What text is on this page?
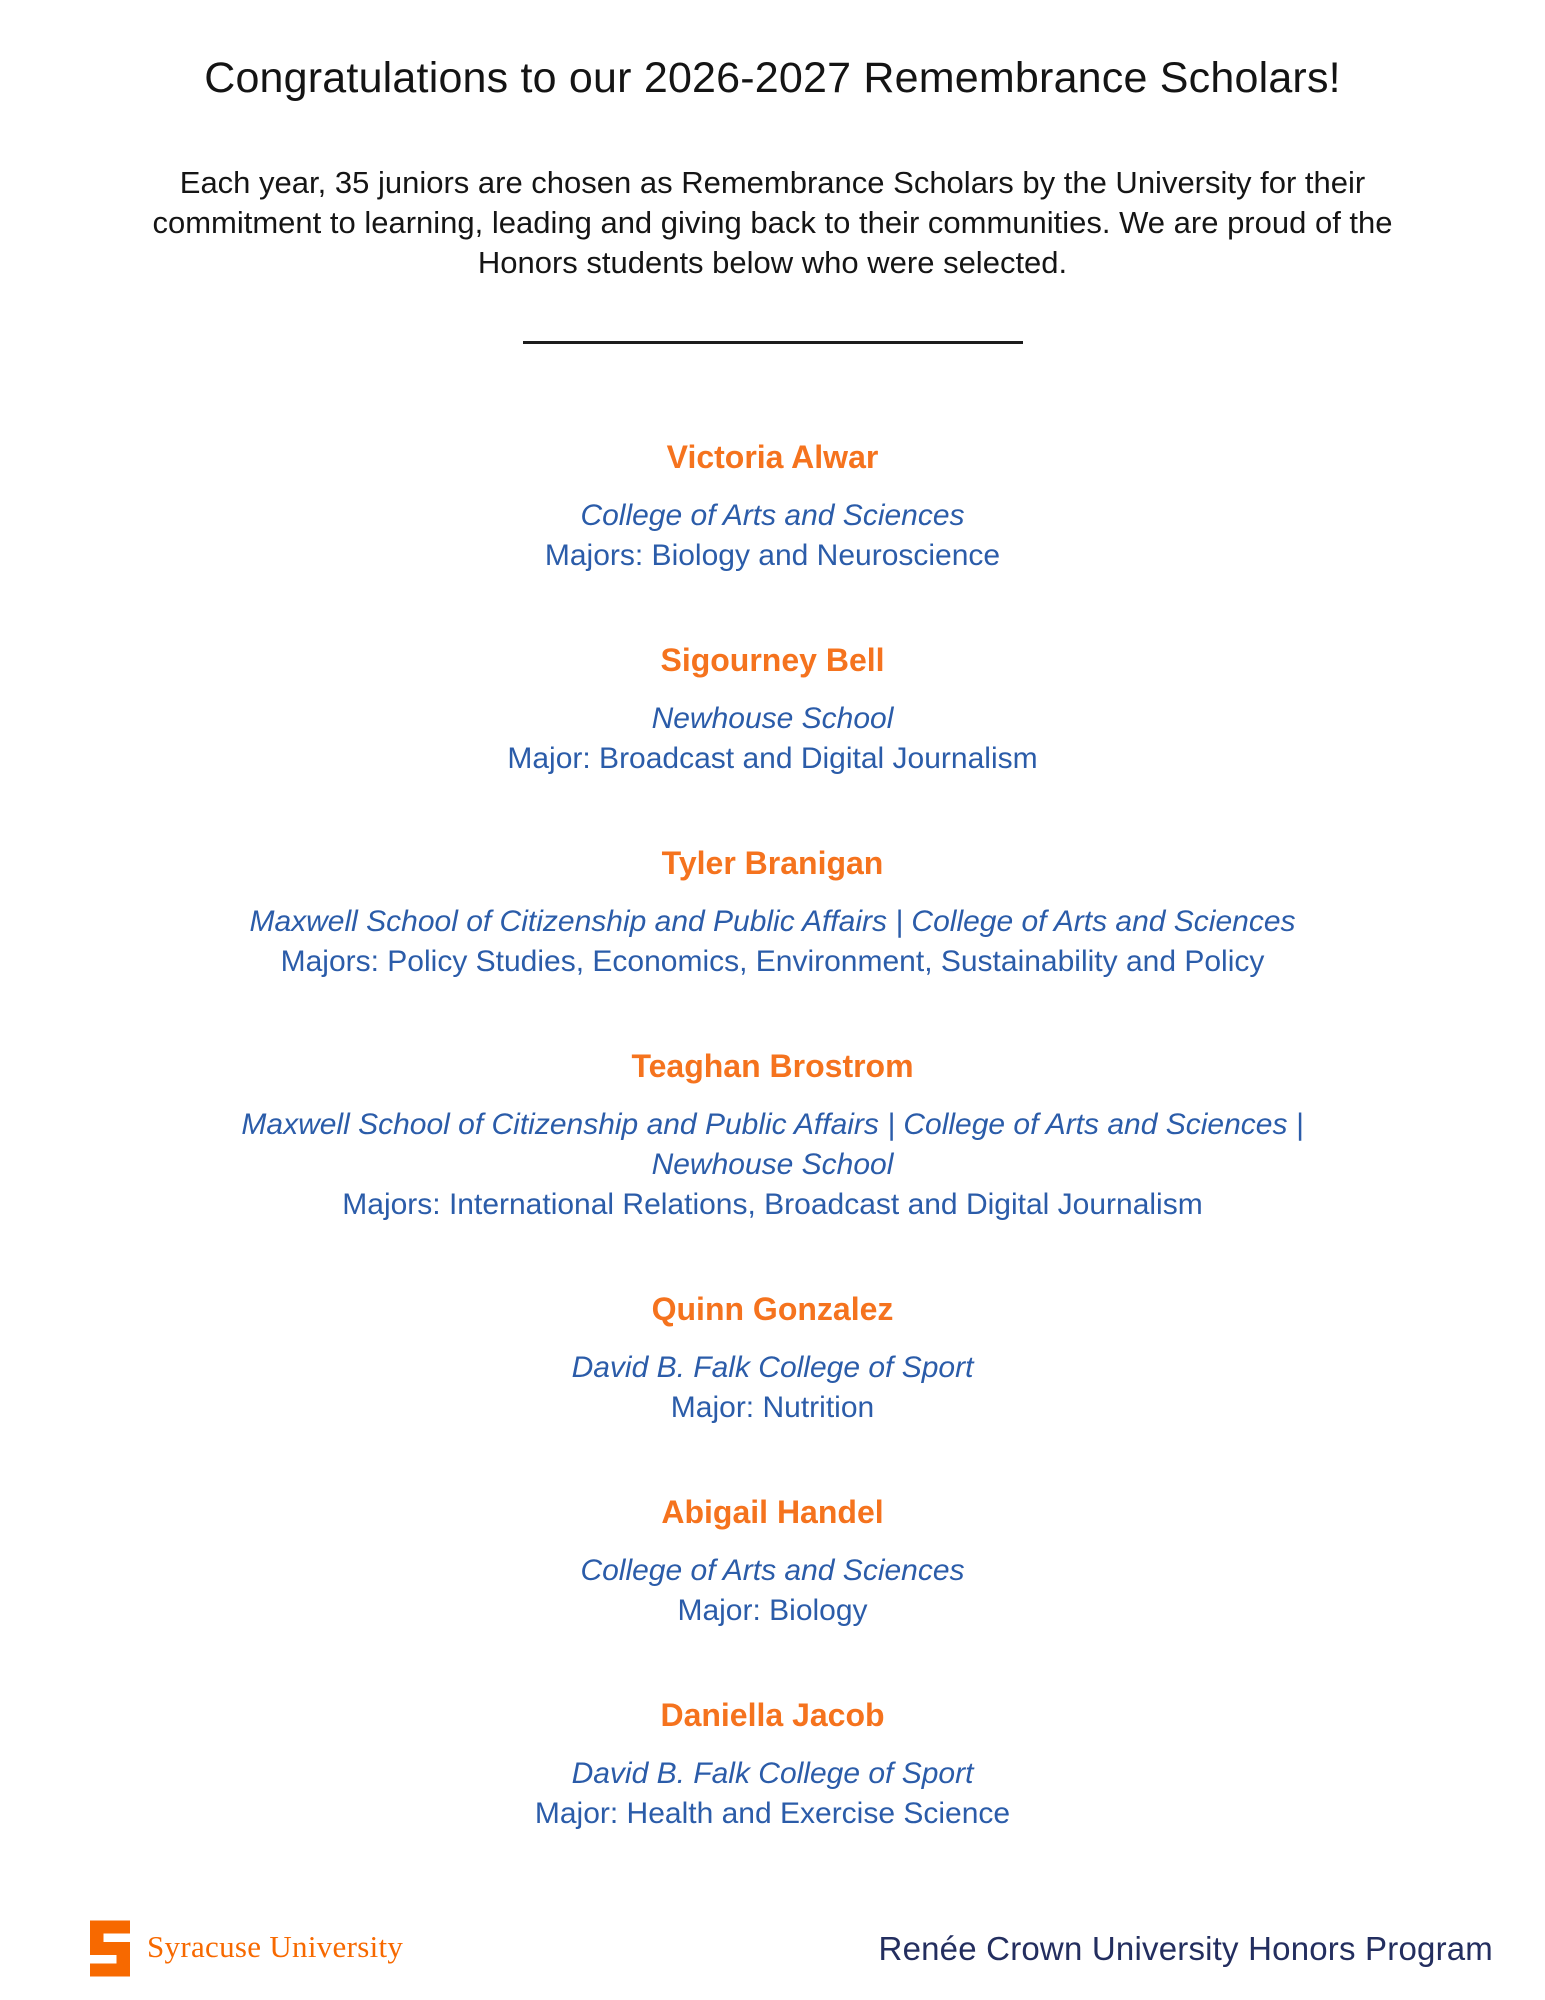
Congratulations to our 2026-2027 Remembrance Scholars!
Each year, 35 juniors are chosen as Remembrance Scholars by the University for their
commitment to learning, leading and giving back to their communities. We are proud of the
Honors students below who were selected.
Victoria Alwar
College of Arts and Sciences
Majors: Biology and Neuroscience
Sigourney Bell
Newhouse School
Major: Broadcast and Digital Journalism
Tyler Branigan
Maxwell School of Citizenship and Public Affairs | College of Arts and Sciences
Majors: Policy Studies, Economics, Environment, Sustainability and Policy
Teaghan Brostrom
Maxwell School of Citizenship and Public Affairs | College of Arts and Sciences | Newhouse School
Majors: International Relations, Broadcast and Digital Journalism
Quinn Gonzalez
David B. Falk College of Sport
Major: Nutrition
Abigail Handel
College of Arts and Sciences
Major: Biology
Daniella Jacob
David B. Falk College of Sport
Major: Health and Exercise Science
Syracuse University	Renée Crown University Honors Program
